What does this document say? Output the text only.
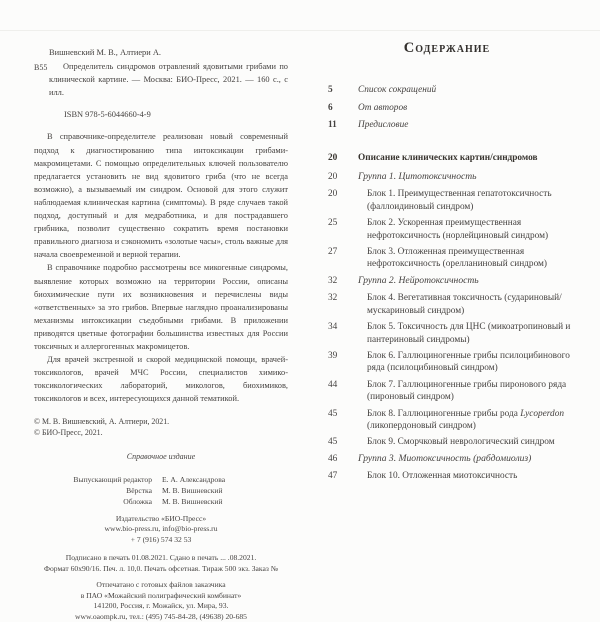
Вишневский М. В., Алтиери А.
В55	Определитель синдромов отравлений ядовитыми грибами по клинической картине. — Москва: БИО-Пресс, 2021. — 160 с., с илл.
ISBN 978-5-6044660-4-9

В справочнике-определителе реализован новый современный подход к диагностированию типа интоксикации грибами-макромицетами. С помощью определительных ключей пользователю предлагается установить не вид ядовитого гриба (что не всегда возможно), а вызываемый им синдром. Основой для этого служит наблюдаемая клиническая картина (симптомы). В ряде случаев такой подход, доступный и для медработника, и для пострадавшего грибника, позволит существенно сократить время постановки правильного диагноза и сэкономить «золотые часы», столь важные для начала своевременной и верной терапии.

В справочнике подробно рассмотрены все микогенные синдромы, выявление которых возможно на территории России, описаны биохимические пути их возникновения и перечислены виды «ответственных» за это грибов. Впервые наглядно проанализированы механизмы интоксикации съедобными грибами. В приложении приводятся цветные фотографии большинства известных для России токсичных и аллергогенных макромицетов.

Для врачей экстренной и скорой медицинской помощи, врачей-токсикологов, врачей МЧС России, специалистов химико-токсикологических лабораторий, микологов, биохимиков, токсикологов и всех, интересующихся данной тематикой.

© М. В. Вишневский, А. Алтиери, 2021.
© БИО-Пресс, 2021.
Справочное издание
Выпускающий редактор	Е. А. Александрова
Вёрстка	М. В. Вишневский
Обложка	М. В. Вишневский
Издательство «БИО-Пресс»
www.bio-press.ru, info@bio-press.ru
+ 7 (916) 574 32 53
Подписано в печать 01.08.2021. Сдано в печать ... .08.2021.
Формат 60х90/16. Печ. л. 10,0. Печать офсетная. Тираж 500 экз. Заказ №
Отпечатано с готовых файлов заказчика
в ПАО «Можайский полиграфический комбинат»
141200, Россия, г. Можайск, ул. Мира, 93.
www.oaompk.ru, тел.: (495) 745-84-28, (49638) 20-685
Содержание
5	Список сокращений
6	От авторов
11	Предисловие
20	Описание клинических картин/синдромов
20	Группа 1. Цитотоксичность
20	Блок 1. Преимущественная гепатотоксичность (фаллоидиновый синдром)
25	Блок 2. Ускоренная преимущественная нефротоксичность (норлейциновый синдром)
27	Блок 3. Отложенная преимущественная нефротоксичность (орелланиновый синдром)
32	Группа 2. Нейротоксичность
32	Блок 4. Вегетативная токсичность (судариновый/мускариновый синдром)
34	Блок 5. Токсичность для ЦНС (микоатропиновый и пантериновый синдромы)
39	Блок 6. Галлюциногенные грибы псилоцибинового ряда (псилоцибиновый синдром)
44	Блок 7. Галлюциногенные грибы пиронового ряда (пироновый синдром)
45	Блок 8. Галлюциногенные грибы рода Lycoperdon (ликопердоновый синдром)
45	Блок 9. Сморчковый неврологический синдром
46	Группа 3. Миотоксичность (рабдомиолиз)
47	Блок 10. Отложенная миотоксичность
